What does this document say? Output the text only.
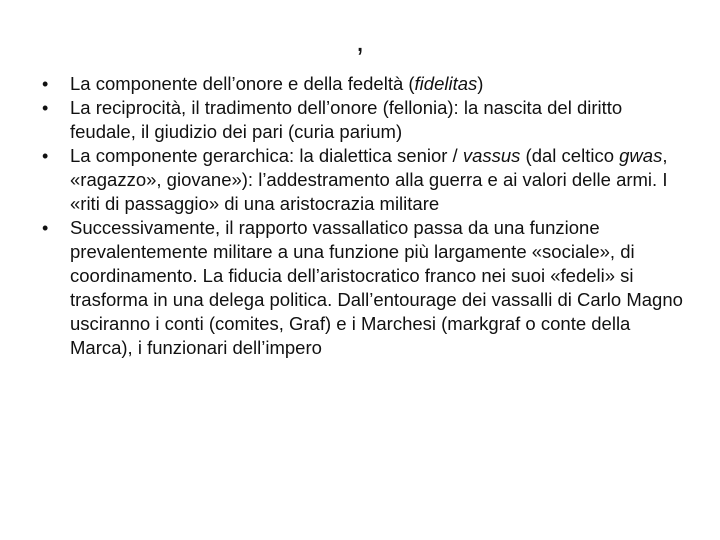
,
•	La componente dell’onore e della fedeltà (fidelitas)
•	La reciprocità, il tradimento dell’onore (fellonia): la nascita del diritto feudale, il giudizio dei pari (curia parium)
•	La componente gerarchica: la dialettica senior / vassus (dal celtico gwas, «ragazzo», giovane»): l’addestramento alla guerra e ai valori delle armi. I «riti di passaggio» di una aristocrazia militare
•	Successivamente, il rapporto vassallatico passa da una funzione prevalentemente militare a una funzione più largamente «sociale», di coordinamento. La fiducia dell’aristocratico franco nei suoi «fedeli» si trasforma in una delega politica. Dall’entourage dei vassalli di Carlo Magno usciranno i conti (comites, Graf) e i Marchesi (markgraf o conte della Marca), i funzionari dell’impero
